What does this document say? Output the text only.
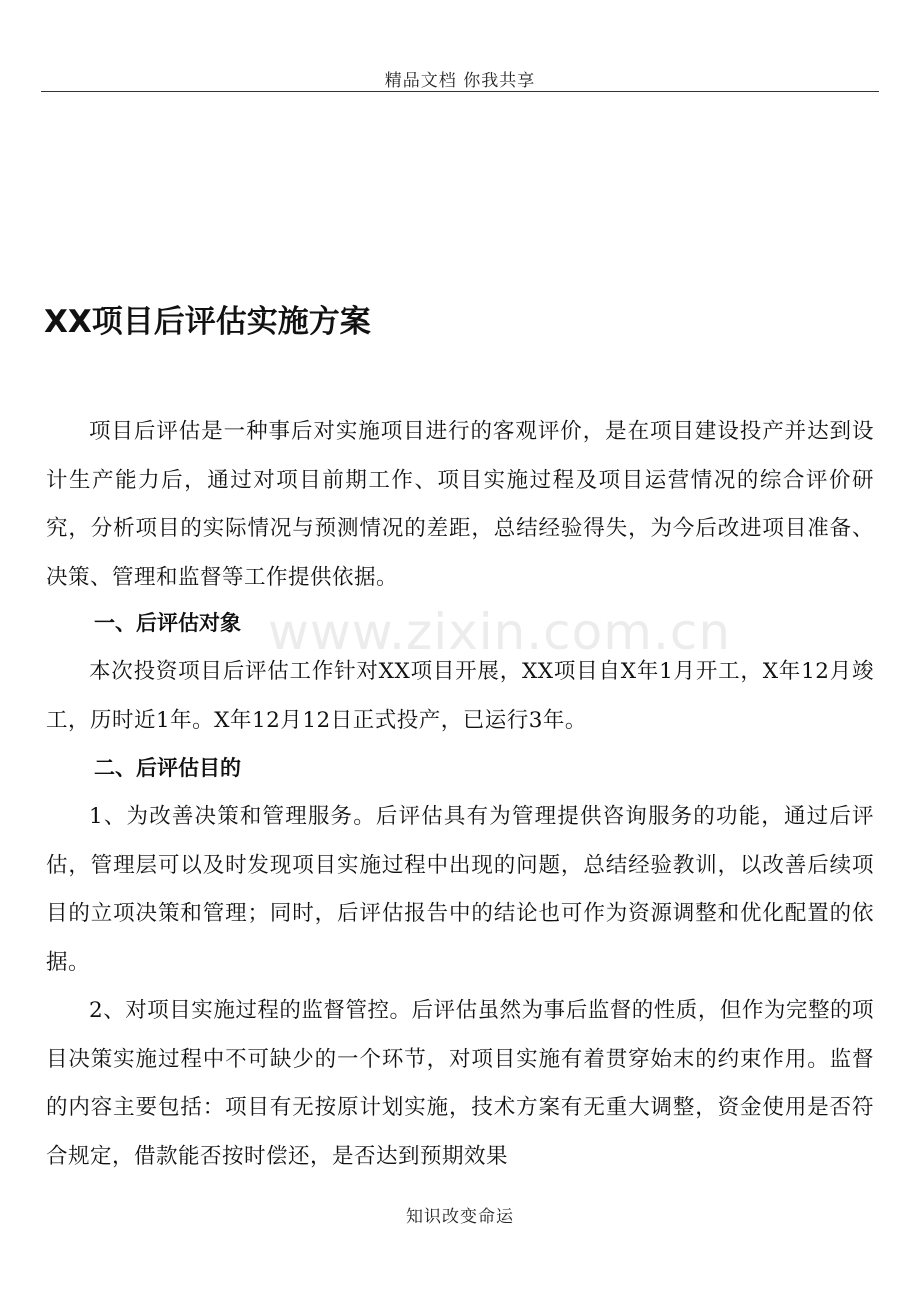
精品文档 你我共享
XX项目后评估实施方案

项目后评估是一种事后对实施项目进行的客观评价，是在项目建设投产并达到设计生产能力后，通过对项目前期工作、项目实施过程及项目运营情况的综合评价研究，分析项目的实际情况与预测情况的差距，总结经验得失，为今后改进项目准备、决策、管理和监督等工作提供依据。

一、后评估对象

本次投资项目后评估工作针对XX项目开展，XX项目自X年1月开工，X年12月竣工，历时近1年。X年12月12日正式投产，已运行3年。

二、后评估目的

1、为改善决策和管理服务。后评估具有为管理提供咨询服务的功能，通过后评估，管理层可以及时发现项目实施过程中出现的问题，总结经验教训，以改善后续项目的立项决策和管理；同时，后评估报告中的结论也可作为资源调整和优化配置的依据。

2、对项目实施过程的监督管控。后评估虽然为事后监督的性质，但作为完整的项目决策实施过程中不可缺少的一个环节，对项目实施有着贯穿始末的约束作用。监督的内容主要包括：项目有无按原计划实施，技术方案有无重大调整，资金使用是否符合规定，借款能否按时偿还，是否达到预期效果

www.zixin.com.cn
知识改变命运
